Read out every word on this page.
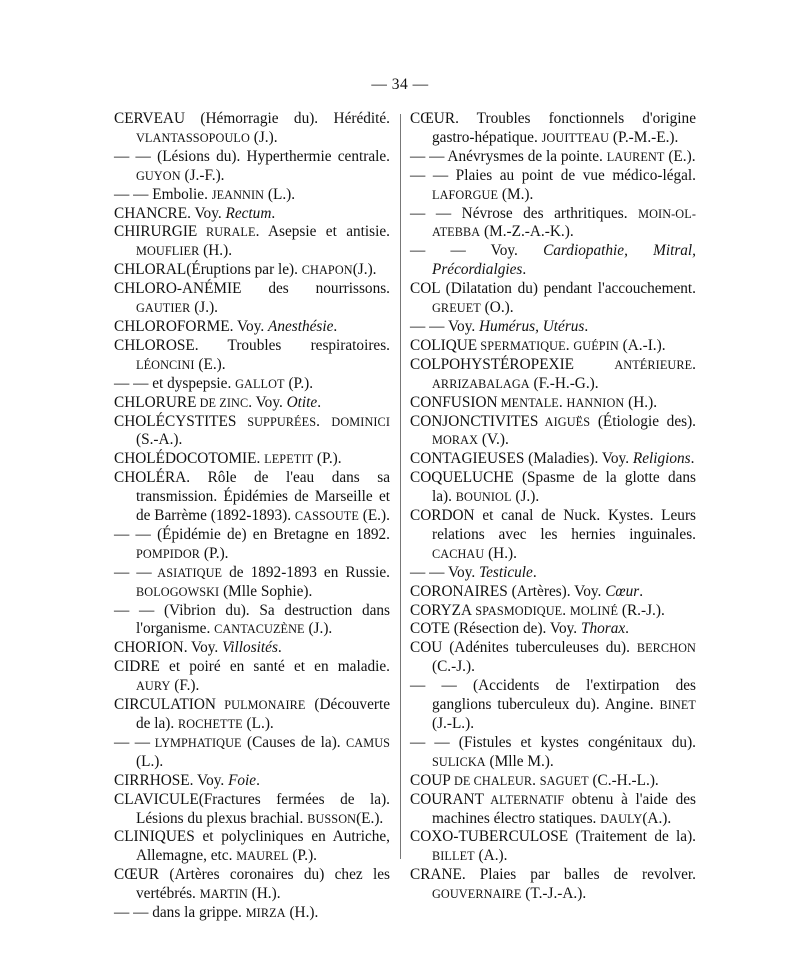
— 34 —
CERVEAU (Hémorragie du). Hérédité. VLANTASSOPOULO (J.).
— — (Lésions du). Hyperthermie centrale. GUYON (J.-F.).
— — Embolie. JEANNIN (L.).
CHANCRE. Voy. Rectum.
CHIRURGIE RURALE. Asepsie et antisie. MOUFLIER (H.).
CHLORAL(Éruptions par le). CHAPON(J.).
CHLORO-ANÉMIE des nourrissons. GAUTIER (J.).
CHLOROFORME. Voy. Anesthésie.
CHLOROSE. Troubles respiratoires. LÉONCINI (E.).
— — et dyspepsie. GALLOT (P.).
CHLORURE DE ZINC. Voy. Otite.
CHOLÉCYSTITES SUPPURÉES. DOMINICI (S.-A.).
CHOLÉDOCOTOMIE. LEPETIT (P.).
CHOLÉRA. Rôle de l'eau dans sa transmission. Épidémies de Marseille et de Barrème (1892-1893). CASSOUTE (E.).
— — (Épidémie de) en Bretagne en 1892. POMPIDOR (P.).
— — ASIATIQUE de 1892-1893 en Russie. BOLOGOWSKI (Mlle Sophie).
— — (Vibrion du). Sa destruction dans l'organisme. CANTACUZÈNE (J.).
CHORION. Voy. Villosités.
CIDRE et poiré en santé et en maladie. AURY (F.).
CIRCULATION PULMONAIRE (Découverte de la). ROCHETTE (L.).
— — LYMPHATIQUE (Causes de la). CAMUS (L.).
CIRRHOSE. Voy. Foie.
CLAVICULE(Fractures fermées de la). Lésions du plexus brachial. BUSSON(E.).
CLINIQUES et polycliniques en Autriche, Allemagne, etc. MAUREL (P.).
CŒUR (Artères coronaires du) chez les vertébrés. MARTIN (H.).
— — dans la grippe. MIRZA (H.).
CŒUR. Troubles fonctionnels d'origine gastro-hépatique. JOUITTEAU (P.-M.-E.).
— — Anévrysmes de la pointe. LAURENT (E.).
— — Plaies au point de vue médico-légal. LAFORGUE (M.).
— — Névrose des arthritiques. MOIN-OL-ATEBBA (M.-Z.-A.-K.).
— — Voy. Cardiopathie, Mitral, Précordialgies.
COL (Dilatation du) pendant l'accouchement. GREUET (O.).
— — Voy. Humérus, Utérus.
COLIQUE SPERMATIQUE. GUÉPIN (A.-I.).
COLPOHYSTÉROPEXIE ANTÉRIEURE. ARRIZABALAGA (F.-H.-G.).
CONFUSION MENTALE. HANNION (H.).
CONJONCTIVITES AIGUËS (Étiologie des). MORAX (V.).
CONTAGIEUSES (Maladies). Voy. Religions.
COQUELUCHE (Spasme de la glotte dans la). BOUNIOL (J.).
CORDON et canal de Nuck. Kystes. Leurs relations avec les hernies inguinales. CACHAU (H.).
— — Voy. Testicule.
CORONAIRES (Artères). Voy. Cœur.
CORYZA SPASMODIQUE. MOLINÉ (R.-J.).
COTE (Résection de). Voy. Thorax.
COU (Adénites tuberculeuses du). BERCHON (C.-J.).
— — (Accidents de l'extirpation des ganglions tuberculeux du). Angine. BINET (J.-L.).
— — (Fistules et kystes congénitaux du). SULICKA (Mlle M.).
COUP DE CHALEUR. SAGUET (C.-H.-L.).
COURANT ALTERNATIF obtenu à l'aide des machines électro statiques. DAULY(A.).
COXO-TUBERCULOSE (Traitement de la). BILLET (A.).
CRANE. Plaies par balles de revolver. GOUVERNAIRE (T.-J.-A.).
